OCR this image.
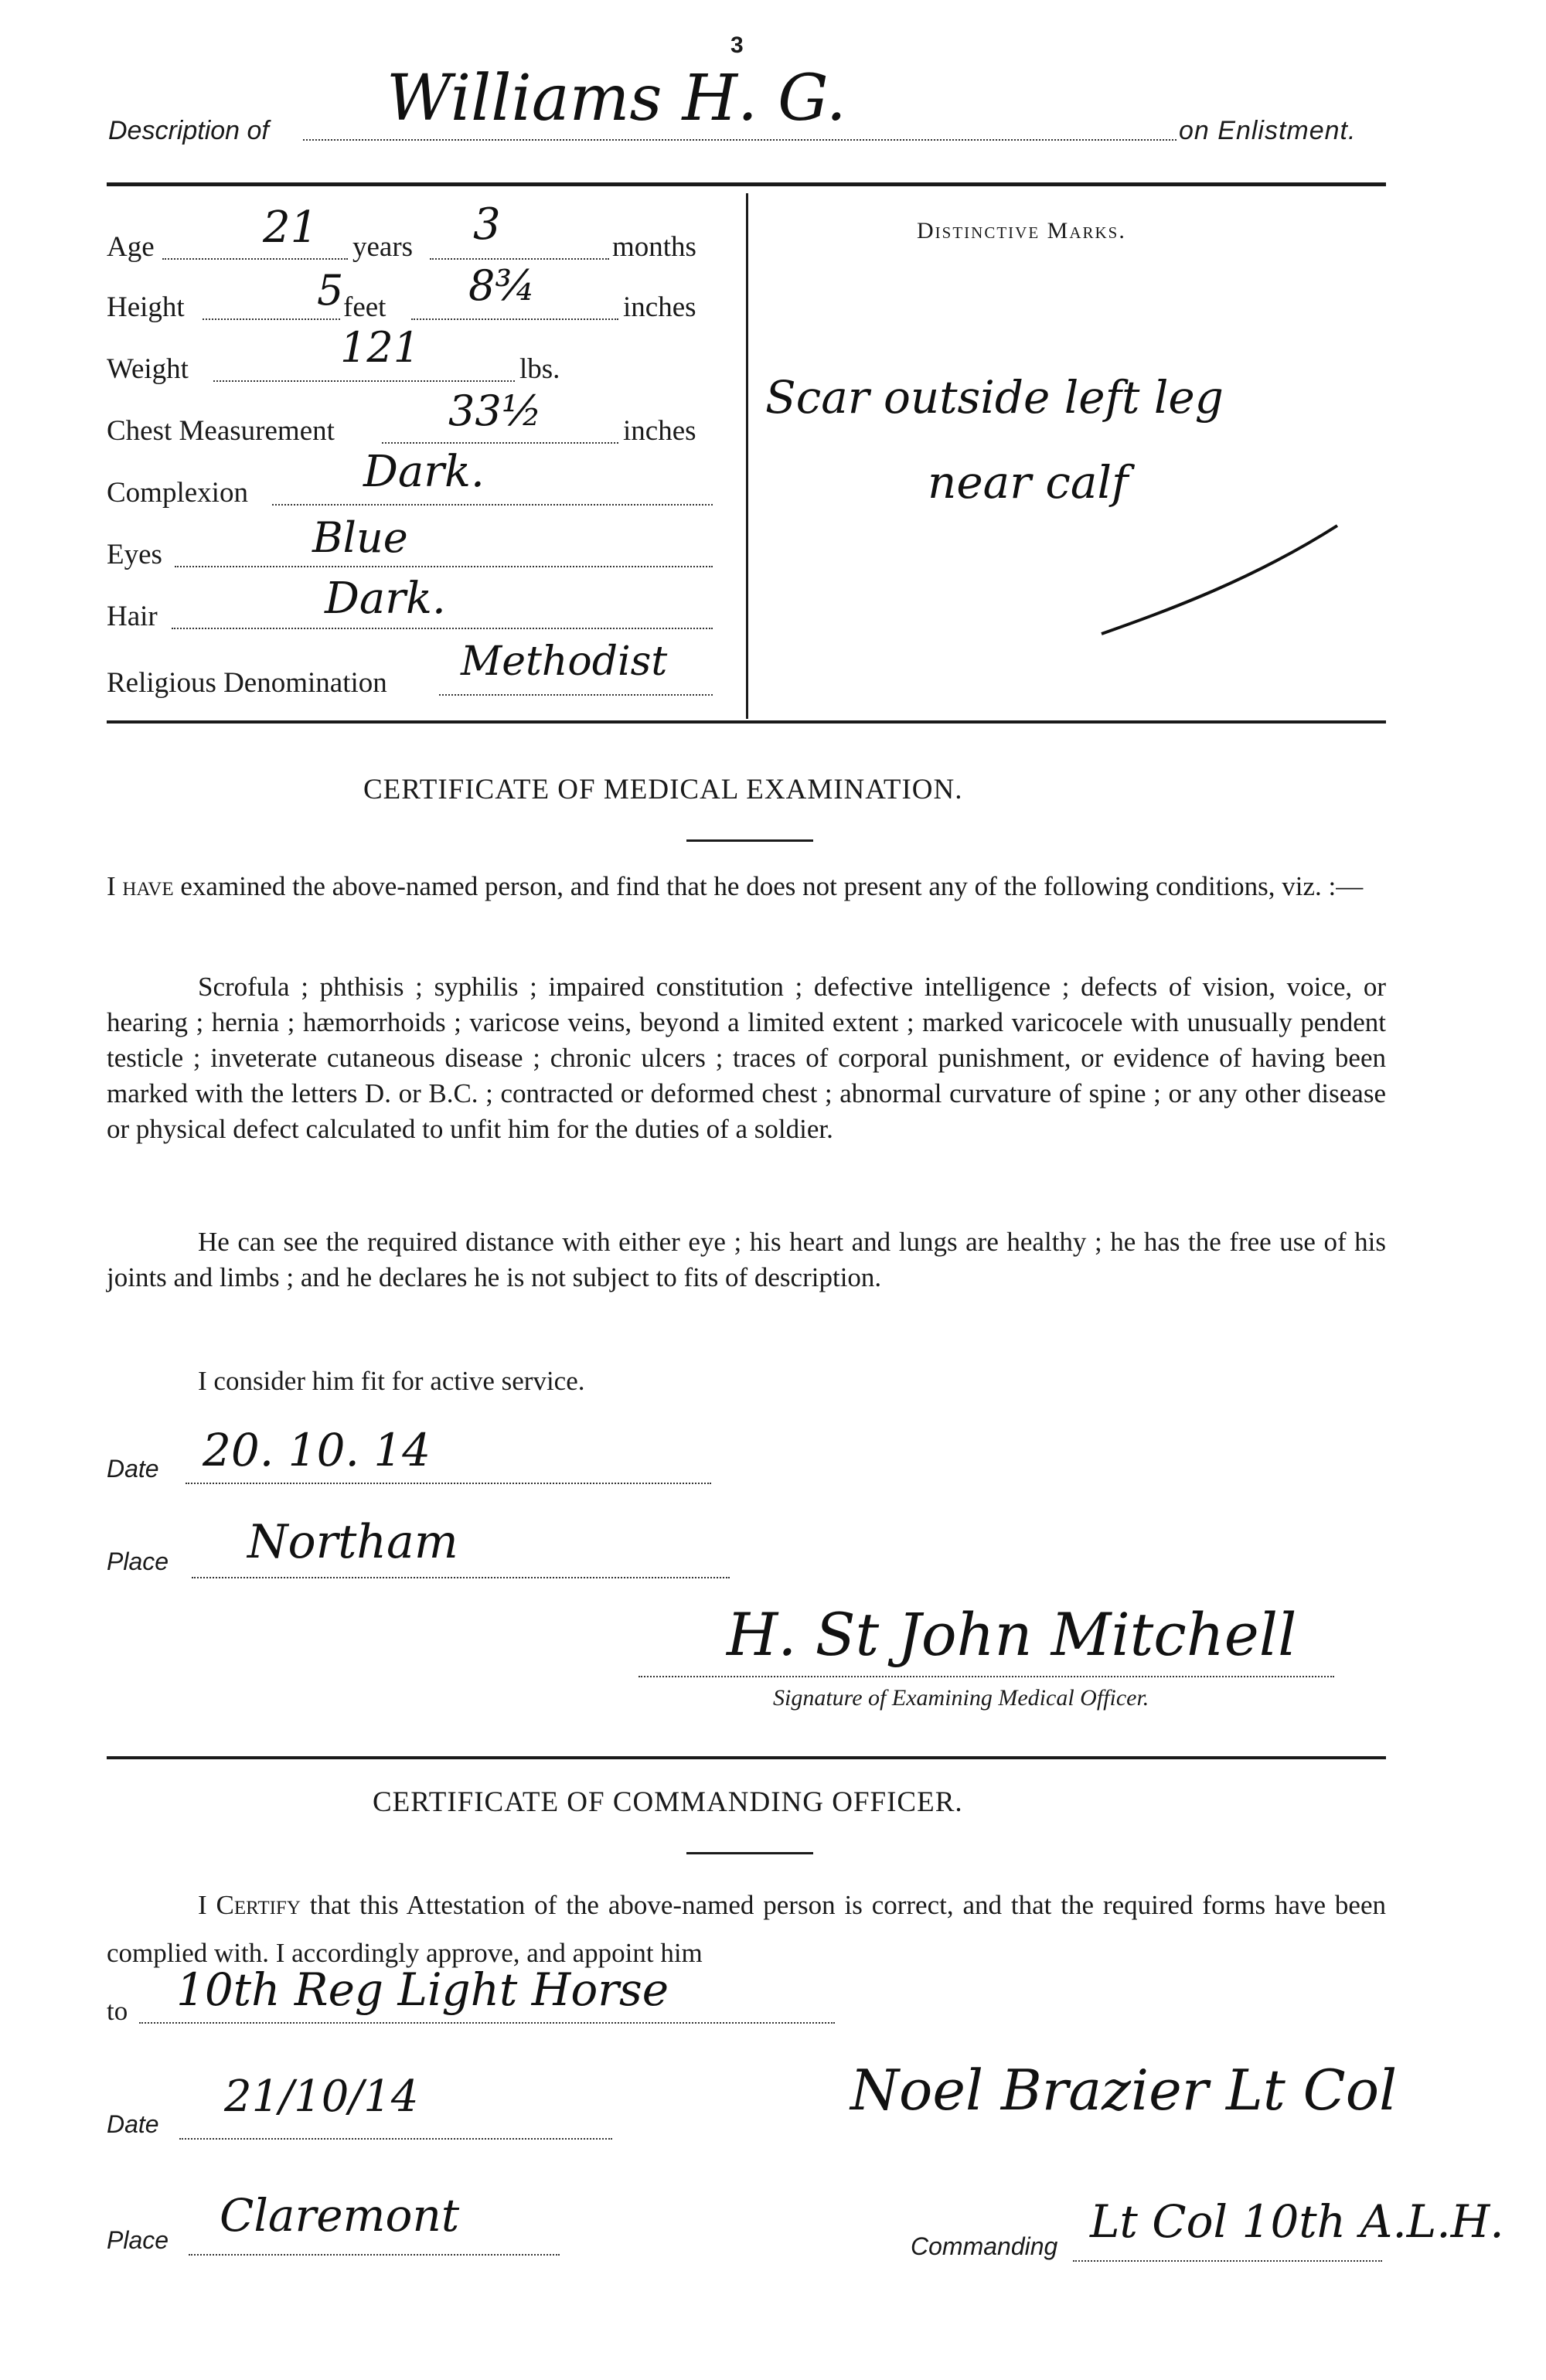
3
Description of Williams H. G.	on Enlistment.
Age	21 years 3	months
Height	5 feet 8¾	inches
Weight	121	lbs.
Chest Measurement	33½	inches
Complexion	Dark.
Eyes	Blue
Hair	Dark.
Religious Denomination Methodist
Distinctive Marks.
Scar outside left leg
near calf
CERTIFICATE OF MEDICAL EXAMINATION.
I have examined the above-named person, and find that he does not present any of the following conditions, viz. :—
Scrofula ; phthisis ; syphilis ; impaired constitution ; defective intelligence ; defects of vision, voice, or hearing ; hernia ; hæmorrhoids ; varicose veins, beyond a limited extent ; marked varicocele with unusually pendent testicle ; inveterate cutaneous disease ; chronic ulcers ; traces of corporal punishment, or evidence of having been marked with the letters D. or B.C. ; contracted or deformed chest ; abnormal curvature of spine ; or any other disease or physical defect calculated to unfit him for the duties of a soldier.
He can see the required distance with either eye ; his heart and lungs are healthy ; he has the free use of his joints and limbs ; and he declares he is not subject to fits of description.
I consider him fit for active service.
Date 20. 10. 14
Place Northam
H. St John Mitchell
Signature of Examining Medical Officer.
CERTIFICATE OF COMMANDING OFFICER.
I Certify that this Attestation of the above-named person is correct, and that the required forms have been complied with. I accordingly approve, and appoint him
to 10th Reg Light Horse
Date
21/10/14	Noel Brazier Lt Col
Place Claremont
Commanding Lt Col 10th A.L.H.
